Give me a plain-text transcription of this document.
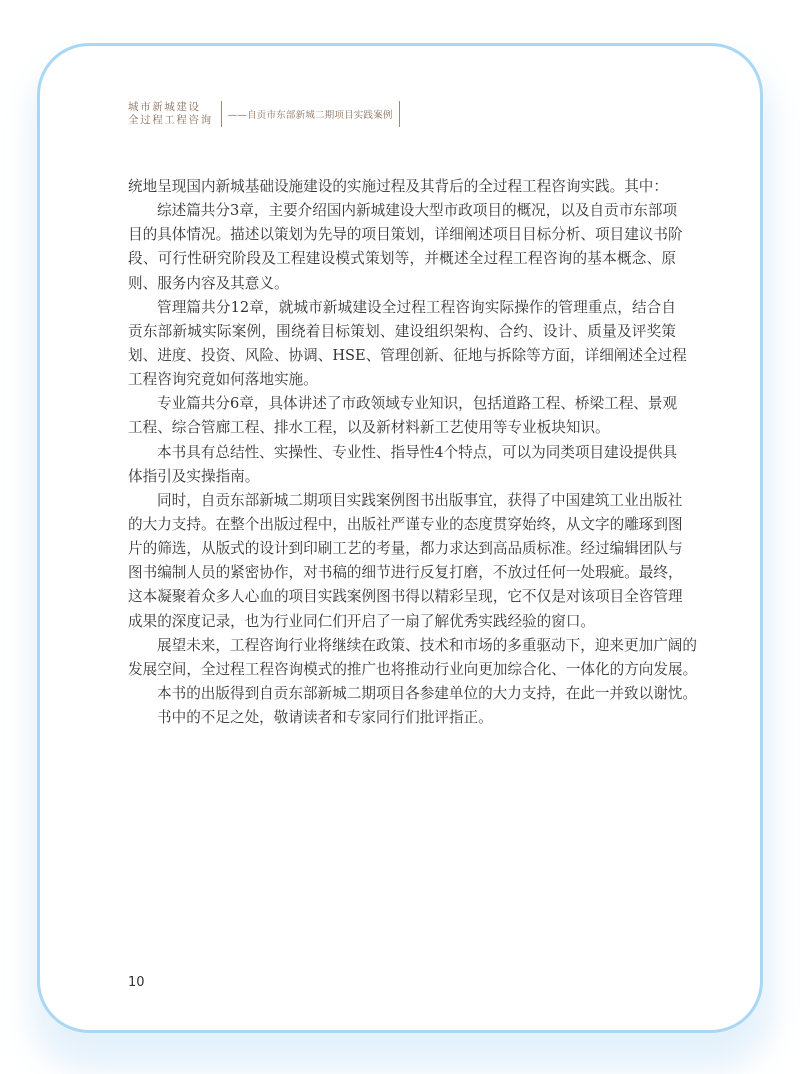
城市新城建设
全过程工程咨询 ——自贡市东部新城二期项目实践案例
统地呈现国内新城基础设施建设的实施过程及其背后的全过程工程咨询实践。其中：
综述篇共分3章，主要介绍国内新城建设大型市政项目的概况，以及自贡市东部项
目的具体情况。描述以策划为先导的项目策划，详细阐述项目目标分析、项目建议书阶
段、可行性研究阶段及工程建设模式策划等，并概述全过程工程咨询的基本概念、原
则、服务内容及其意义。
管理篇共分12章，就城市新城建设全过程工程咨询实际操作的管理重点，结合自
贡东部新城实际案例，围绕着目标策划、建设组织架构、合约、设计、质量及评奖策
划、进度、投资、风险、协调、HSE、管理创新、征地与拆除等方面，详细阐述全过程
工程咨询究竟如何落地实施。
专业篇共分6章，具体讲述了市政领域专业知识，包括道路工程、桥梁工程、景观
工程、综合管廊工程、排水工程，以及新材料新工艺使用等专业板块知识。
本书具有总结性、实操性、专业性、指导性4个特点，可以为同类项目建设提供具
体指引及实操指南。
同时，自贡东部新城二期项目实践案例图书出版事宜，获得了中国建筑工业出版社
的大力支持。在整个出版过程中，出版社严谨专业的态度贯穿始终，从文字的雕琢到图
片的筛选，从版式的设计到印刷工艺的考量，都力求达到高品质标准。经过编辑团队与
图书编制人员的紧密协作，对书稿的细节进行反复打磨，不放过任何一处瑕疵。最终，
这本凝聚着众多人心血的项目实践案例图书得以精彩呈现，它不仅是对该项目全咨管理
成果的深度记录，也为行业同仁们开启了一扇了解优秀实践经验的窗口。
展望未来，工程咨询行业将继续在政策、技术和市场的多重驱动下，迎来更加广阔的
发展空间，全过程工程咨询模式的推广也将推动行业向更加综合化、一体化的方向发展。
本书的出版得到自贡东部新城二期项目各参建单位的大力支持，在此一并致以谢忱。
书中的不足之处，敬请读者和专家同行们批评指正。
10
